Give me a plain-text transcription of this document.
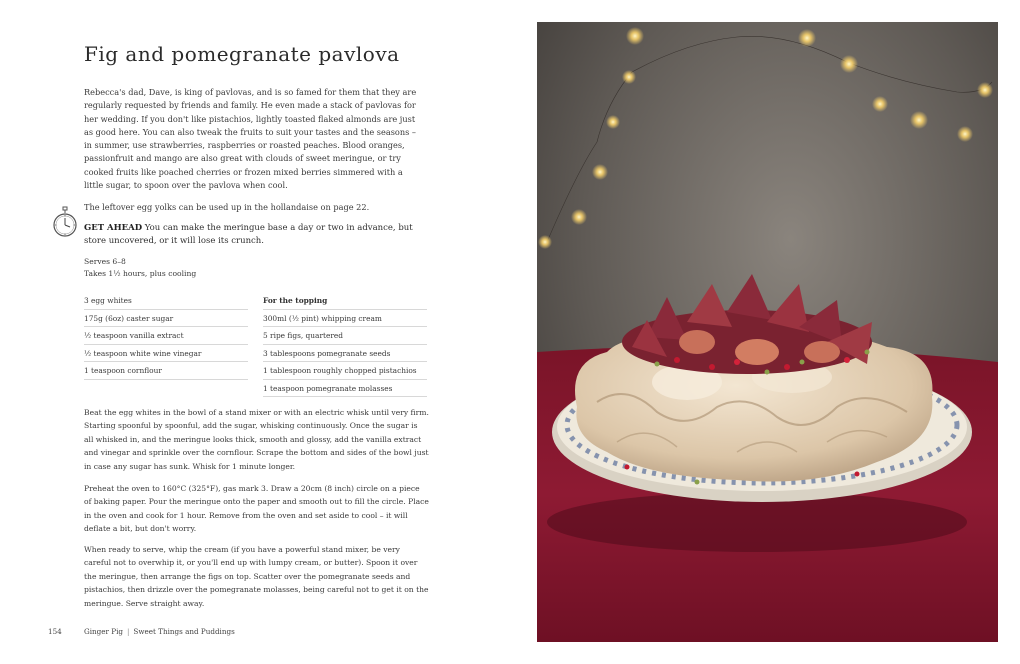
Fig and pomegranate pavlova

Rebecca's dad, Dave, is king of pavlovas, and is so famed for them that they are regularly requested by friends and family. He even made a stack of pavlovas for her wedding. If you don't like pistachios, lightly toasted flaked almonds are just as good here. You can also tweak the fruits to suit your tastes and the seasons – in summer, use strawberries, raspberries or roasted peaches. Blood oranges, passionfruit and mango are also great with clouds of sweet meringue, or try cooked fruits like poached cherries or frozen mixed berries simmered with a little sugar, to spoon over the pavlova when cool.

The leftover egg yolks can be used up in the hollandaise on page 22.

GET AHEAD You can make the meringue base a day or two in advance, but store uncovered, or it will lose its crunch.

Serves 6–8
Takes 1½ hours, plus cooling
3 egg whites
175g (6oz) caster sugar
½ teaspoon vanilla extract
½ teaspoon white wine vinegar
1 teaspoon cornflour
For the topping
300ml (½ pint) whipping cream
5 ripe figs, quartered
3 tablespoons pomegranate seeds
1 tablespoon roughly chopped pistachios
1 teaspoon pomegranate molasses

Beat the egg whites in the bowl of a stand mixer or with an electric whisk until very firm. Starting spoonful by spoonful, add the sugar, whisking continuously. Once the sugar is all whisked in, and the meringue looks thick, smooth and glossy, add the vanilla extract and vinegar and sprinkle over the cornflour. Scrape the bottom and sides of the bowl just in case any sugar has sunk. Whisk for 1 minute longer.

Preheat the oven to 160°C (325°F), gas mark 3. Draw a 20cm (8 inch) circle on a piece of baking paper. Pour the meringue onto the paper and smooth out to fill the circle. Place in the oven and cook for 1 hour. Remove from the oven and set aside to cool – it will deflate a bit, but don't worry.

When ready to serve, whip the cream (if you have a powerful stand mixer, be very careful not to overwhip it, or you'll end up with lumpy cream, or butter). Spoon it over the meringue, then arrange the figs on top. Scatter over the pomegranate seeds and pistachios, then drizzle over the pomegranate molasses, being careful not to get it on the meringue. Serve straight away.

154	Ginger Pig | Sweet Things and Puddings
